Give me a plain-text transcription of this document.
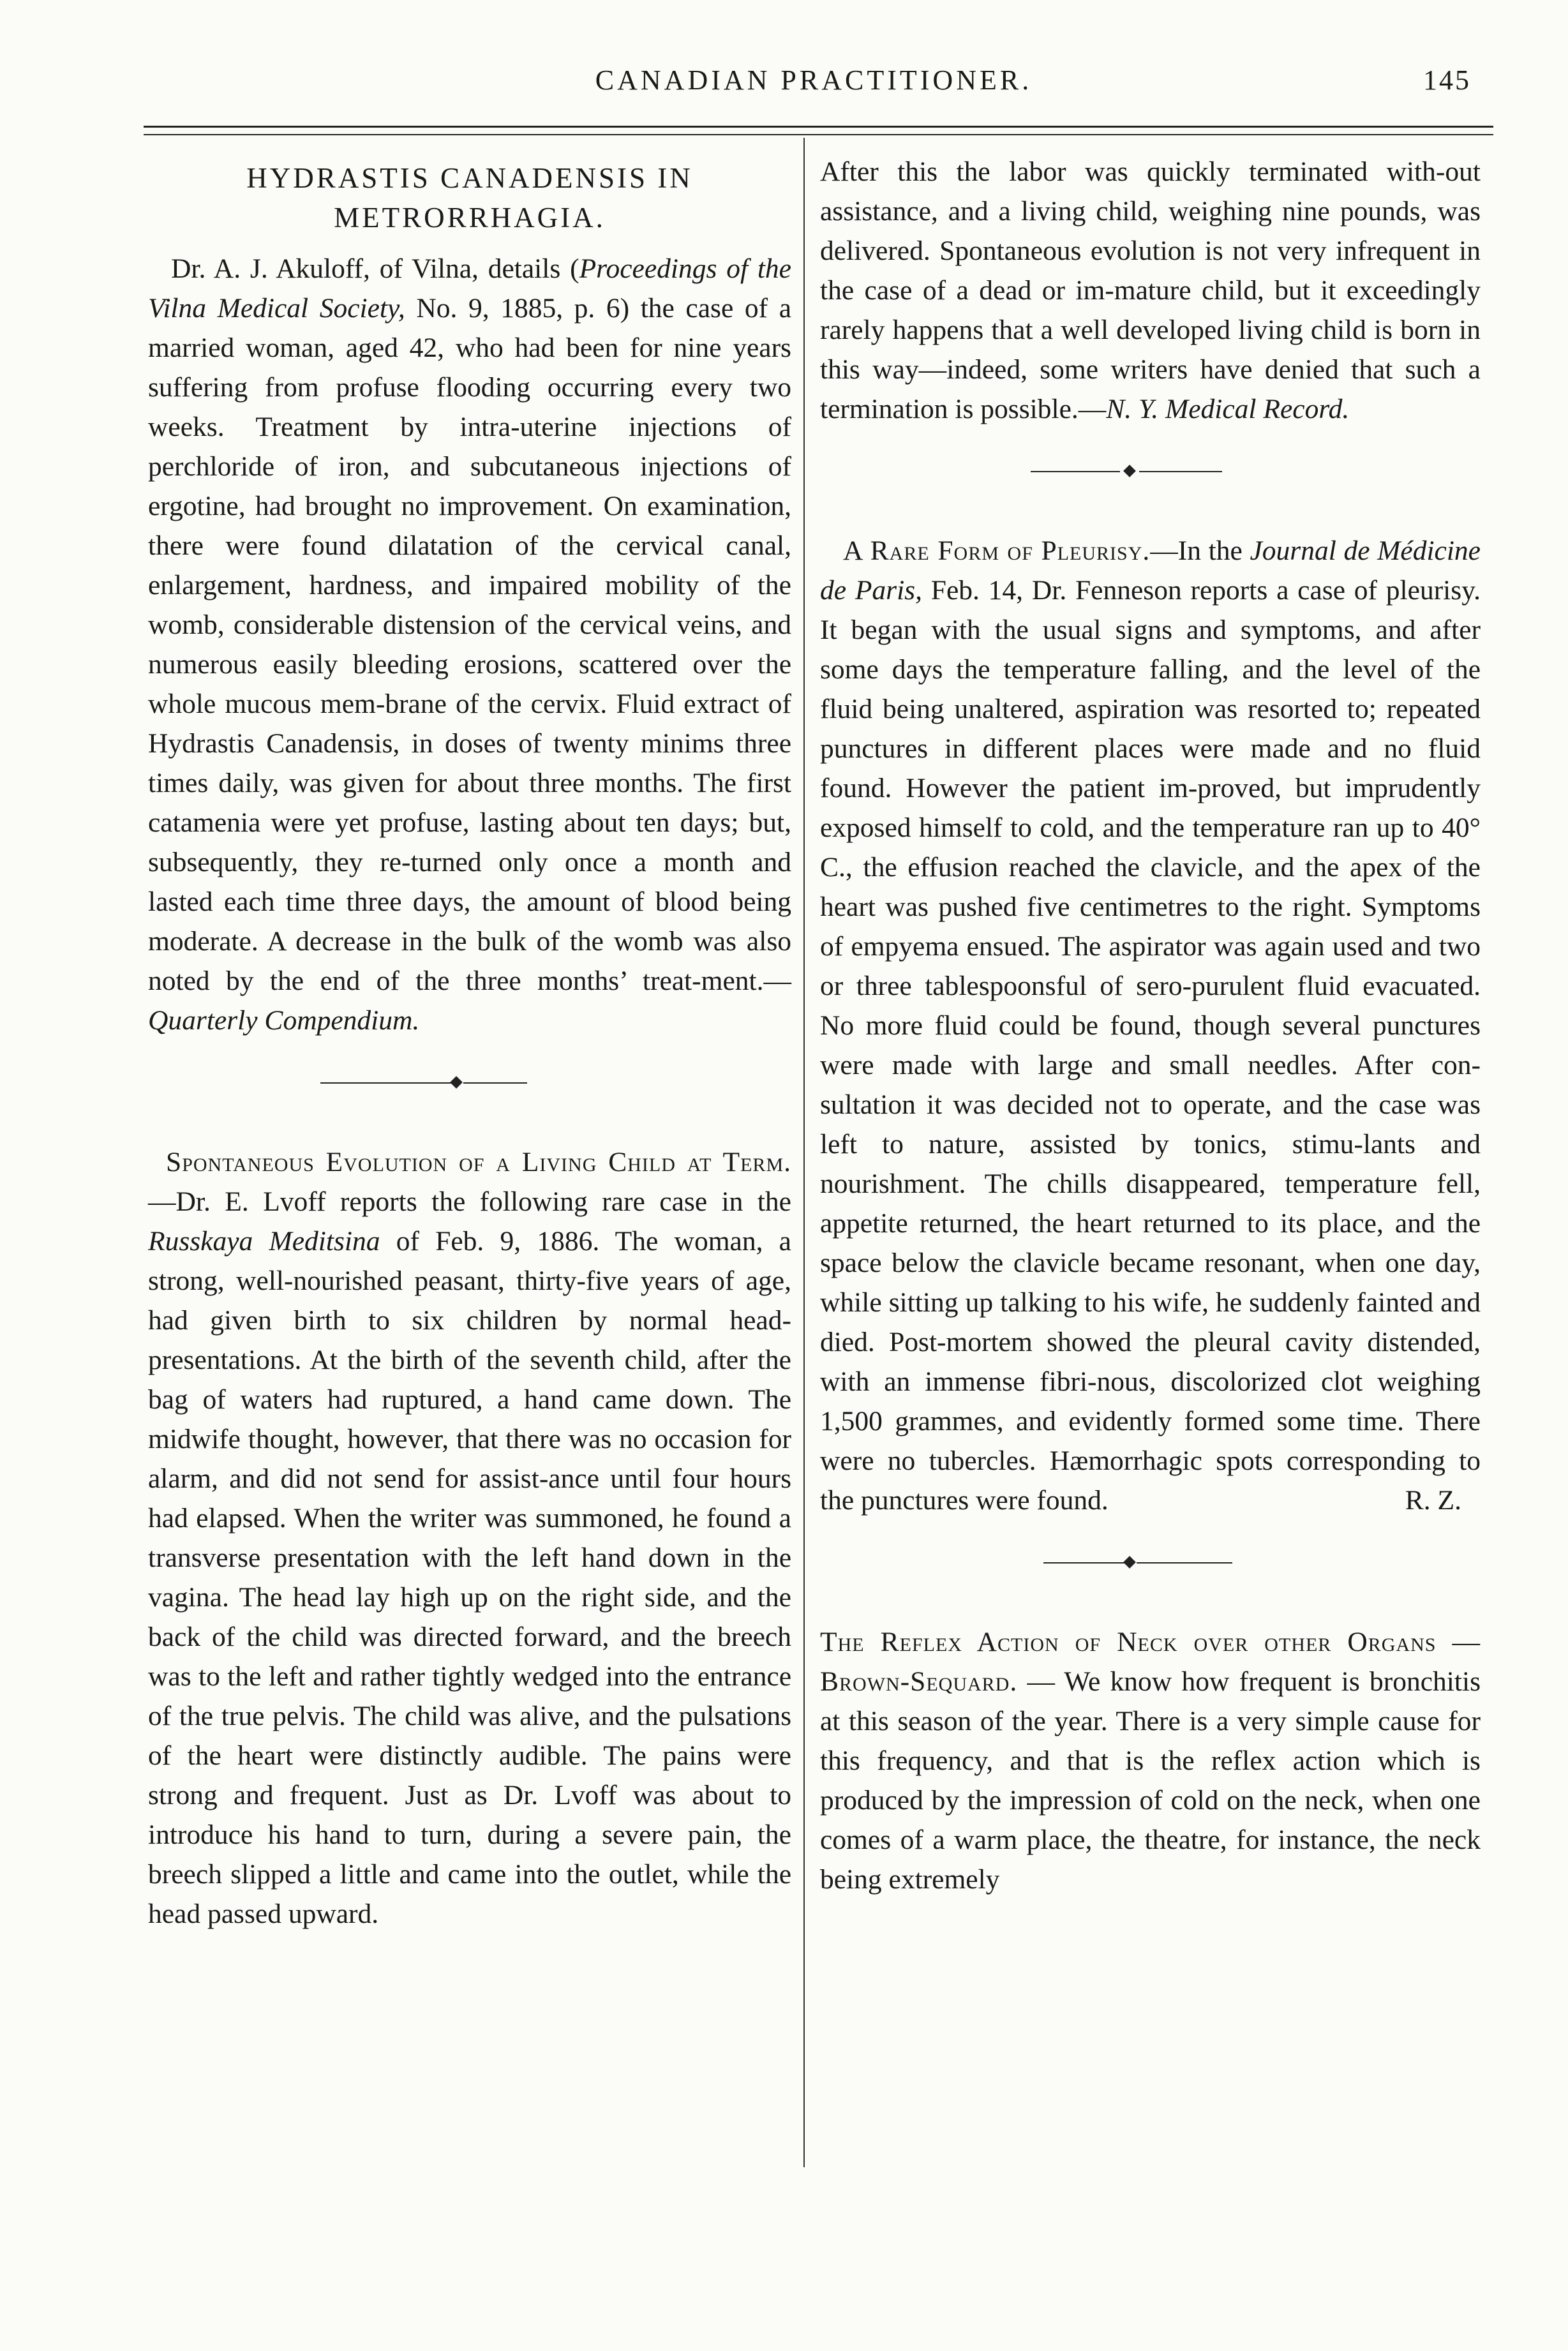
CANADIAN PRACTITIONER.	145
HYDRASTIS CANADENSIS IN METRORRHAGIA.

Dr. A. J. Akuloff, of Vilna, details (Proceedings of the Vilna Medical Society, No. 9, 1885, p. 6) the case of a married woman, aged 42, who had been for nine years suffering from profuse flooding occurring every two weeks. Treatment by intra-uterine injections of perchloride of iron, and subcutaneous injections of ergotine, had brought no improvement. On examination, there were found dilatation of the cervical canal, enlargement, hardness, and impaired mobility of the womb, considerable distension of the cervical veins, and numerous easily bleeding erosions, scattered over the whole mucous mem-brane of the cervix. Fluid extract of Hydrastis Canadensis, in doses of twenty minims three times daily, was given for about three months. The first catamenia were yet profuse, lasting about ten days; but, subsequently, they re-turned only once a month and lasted each time three days, the amount of blood being moderate. A decrease in the bulk of the womb was also noted by the end of the three months’ treat-ment.—Quarterly Compendium.

Spontaneous Evolution of a Living Child at Term.—Dr. E. Lvoff reports the following rare case in the Russkaya Meditsina of Feb. 9, 1886. The woman, a strong, well-nourished peasant, thirty-five years of age, had given birth to six children by normal head-presentations. At the birth of the seventh child, after the bag of waters had ruptured, a hand came down. The midwife thought, however, that there was no occasion for alarm, and did not send for assist-ance until four hours had elapsed. When the writer was summoned, he found a transverse presentation with the left hand down in the vagina. The head lay high up on the right side, and the back of the child was directed forward, and the breech was to the left and rather tightly wedged into the entrance of the true pelvis. The child was alive, and the pulsations of the heart were distinctly audible. The pains were strong and frequent. Just as Dr. Lvoff was about to introduce his hand to turn, during a severe pain, the breech slipped a little and came into the outlet, while the head passed upward.

After this the labor was quickly terminated with-out assistance, and a living child, weighing nine pounds, was delivered. Spontaneous evolution is not very infrequent in the case of a dead or im-mature child, but it exceedingly rarely happens that a well developed living child is born in this way—indeed, some writers have denied that such a termination is possible.—N. Y. Medical Record.

A Rare Form of Pleurisy.—In the Journal de Médicine de Paris, Feb. 14, Dr. Fenneson reports a case of pleurisy. It began with the usual signs and symptoms, and after some days the temperature falling, and the level of the fluid being unaltered, aspiration was resorted to; repeated punctures in different places were made and no fluid found. However the patient im-proved, but imprudently exposed himself to cold, and the temperature ran up to 40° C., the effusion reached the clavicle, and the apex of the heart was pushed five centimetres to the right. Symptoms of empyema ensued. The aspirator was again used and two or three tablespoonsful of sero-purulent fluid evacuated. No more fluid could be found, though several punctures were made with large and small needles. After con-sultation it was decided not to operate, and the case was left to nature, assisted by tonics, stimu-lants and nourishment. The chills disappeared, temperature fell, appetite returned, the heart returned to its place, and the space below the clavicle became resonant, when one day, while sitting up talking to his wife, he suddenly fainted and died. Post-mortem showed the pleural cavity distended, with an immense fibri-nous, discolorized clot weighing 1,500 grammes, and evidently formed some time. There were no tubercles. Hæmorrhagic spots corresponding to the punctures were found.	R. Z.

The Reflex Action of Neck over other Organs — Brown-Sequard. — We know how frequent is bronchitis at this season of the year. There is a very simple cause for this frequency, and that is the reflex action which is produced by the impression of cold on the neck, when one comes of a warm place, the theatre, for instance, the neck being extremely
